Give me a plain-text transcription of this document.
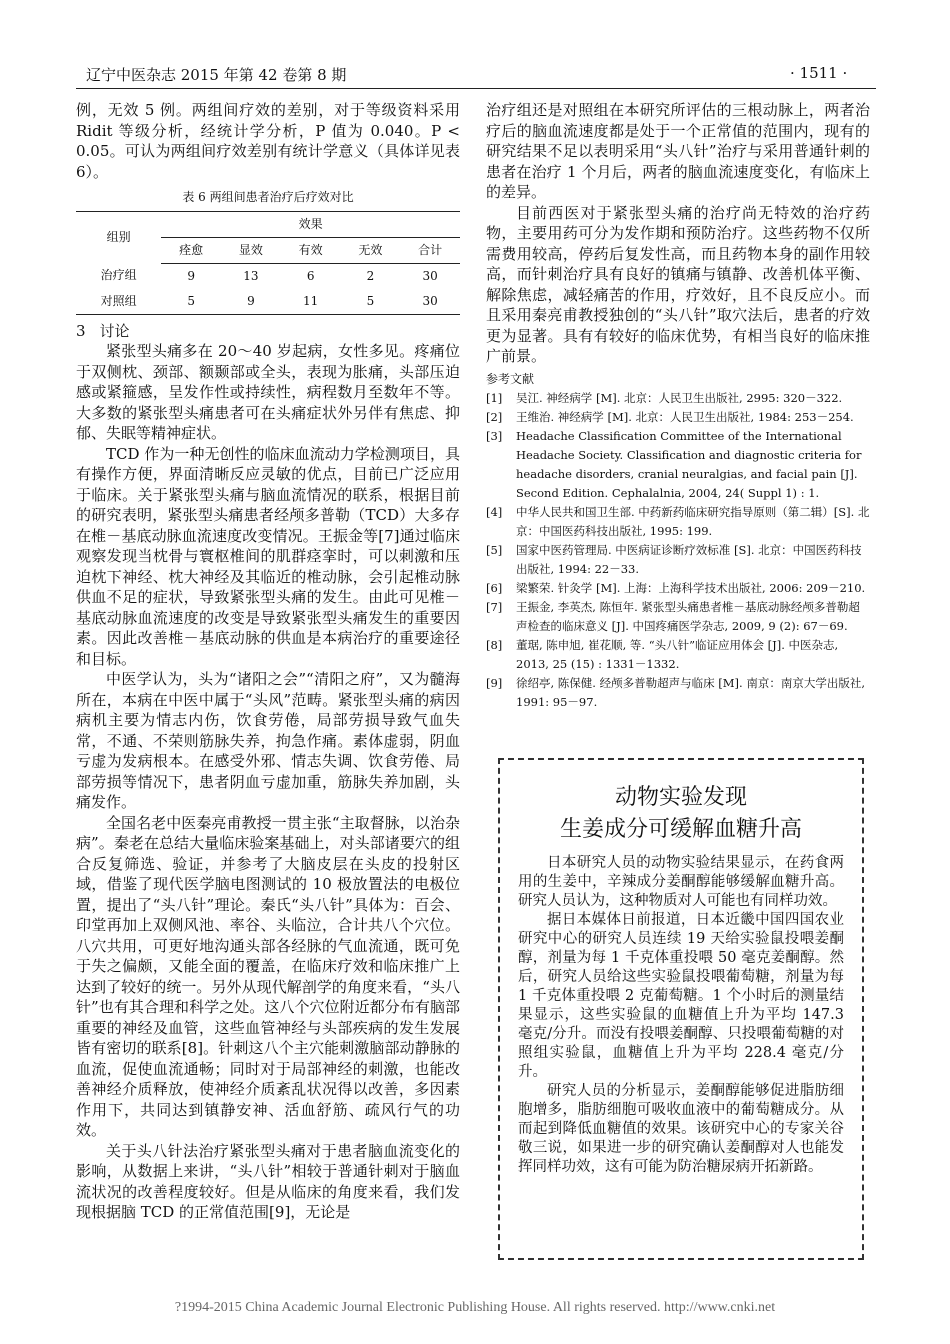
辽宁中医杂志 2015 年第 42 卷第 8 期	· 1511 ·

例，无效 5 例。两组间疗效的差别，对于等级资料采用 Ridit 等级分析，经统计学分析，P 值为 0.040。P < 0.05。可认为两组间疗效差别有统计学意义（具体详见表 6）。

表 6 两组间患者治疗后疗效对比
组别	效果				
	痊愈	显效	有效	无效	合计
治疗组	9	13	6	2	30
对照组	5	9	11	5	30
3 讨论

紧张型头痛多在 20～40 岁起病，女性多见。疼痛位于双侧枕、颈部、额颞部或全头，表现为胀痛，头部压迫感或紧箍感，呈发作性或持续性，病程数月至数年不等。大多数的紧张型头痛患者可在头痛症状外另伴有焦虑、抑郁、失眠等精神症状。

TCD 作为一种无创性的临床血流动力学检测项目，具有操作方便，界面清晰反应灵敏的优点，目前已广泛应用于临床。关于紧张型头痛与脑血流情况的联系，根据目前的研究表明，紧张型头痛患者经颅多普勒（TCD）大多存在椎－基底动脉血流速度改变情况。王振金等[7]通过临床观察发现当枕骨与寰枢椎间的肌群痉挛时，可以刺激和压迫枕下神经、枕大神经及其临近的椎动脉，会引起椎动脉供血不足的症状，导致紧张型头痛的发生。由此可见椎－基底动脉血流速度的改变是导致紧张型头痛发生的重要因素。因此改善椎－基底动脉的供血是本病治疗的重要途径和目标。

中医学认为，头为“诸阳之会”“清阳之府”，又为髓海所在，本病在中医中属于“头风”范畴。紧张型头痛的病因病机主要为情志内伤，饮食劳倦，局部劳损导致气血失常，不通、不荣则筋脉失养，拘急作痛。素体虚弱，阴血亏虚为发病根本。在感受外邪、情志失调、饮食劳倦、局部劳损等情况下，患者阴血亏虚加重，筋脉失养加剧，头痛发作。

全国名老中医秦亮甫教授一贯主张“主取督脉，以治杂病”。秦老在总结大量临床验案基础上，对头部诸要穴的组合反复筛选、验证，并参考了大脑皮层在头皮的投射区域，借鉴了现代医学脑电图测试的 10 极放置法的电极位置，提出了“头八针”理论。秦氏“头八针”具体为：百会、印堂再加上双侧风池、率谷、头临泣，合计共八个穴位。八穴共用，可更好地沟通头部各经脉的气血流通，既可免于失之偏颇，又能全面的覆盖，在临床疗效和临床推广上达到了较好的统一。另外从现代解剖学的角度来看，“头八针”也有其合理和科学之处。这八个穴位附近都分布有脑部重要的神经及血管，这些血管神经与头部疾病的发生发展皆有密切的联系[8]。针刺这八个主穴能刺激脑部动静脉的血流，促使血流通畅；同时对于局部神经的刺激，也能改善神经介质释放，使神经介质紊乱状况得以改善，多因素作用下，共同达到镇静安神、活血舒筋、疏风行气的功效。

关于头八针法治疗紧张型头痛对于患者脑血流变化的影响，从数据上来讲，“头八针”相较于普通针刺对于脑血流状况的改善程度较好。但是从临床的角度来看，我们发现根据脑 TCD 的正常值范围[9]，无论是

治疗组还是对照组在本研究所评估的三根动脉上，两者治疗后的脑血流速度都是处于一个正常值的范围内，现有的研究结果不足以表明采用“头八针”治疗与采用普通针刺的患者在治疗 1 个月后，两者的脑血流速度变化，有临床上的差异。

目前西医对于紧张型头痛的治疗尚无特效的治疗药物，主要用药可分为发作期和预防治疗。这些药物不仅所需费用较高，停药后复发性高，而且药物本身的副作用较高，而针刺治疗具有良好的镇痛与镇静、改善机体平衡、解除焦虑，减轻痛苦的作用，疗效好，且不良反应小。而且采用秦亮甫教授独创的“头八针”取穴法后，患者的疗效更为显著。具有有较好的临床优势，有相当良好的临床推广前景。

参考文献
[1]	吴江. 神经病学 [M]. 北京：人民卫生出版社, 2995: 320－322.
[2]	王维治. 神经病学 [M]. 北京：人民卫生出版社, 1984: 253－254.
[3]	Headache Classification Committee of the International Headache Society. Classification and diagnostic criteria for headache disorders, cranial neuralgias, and facial pain [J]. Second Edition. Cephalalnia, 2004, 24( Suppl 1) : 1.
[4]	中华人民共和国卫生部. 中药新药临床研究指导原则（第二辑）[S]. 北京：中国医药科技出版社, 1995: 199.
[5]	国家中医药管理局. 中医病证诊断疗效标准 [S]. 北京：中国医药科技出版社, 1994: 22－33.
[6]	梁繁荣. 针灸学 [M]. 上海：上海科学技术出版社, 2006: 209－210.
[7]	王振金, 李英杰, 陈恒年. 紧张型头痛患者椎－基底动脉经颅多普勒超声检查的临床意义 [J]. 中国疼痛医学杂志, 2009, 9 (2): 67－69.
[8]	董琚, 陈申旭, 崔花顺, 等. “头八针”临证应用体会 [J]. 中医杂志, 2013, 25 (15) : 1331－1332.
[9]	徐绍亭, 陈保健. 经颅多普勒超声与临床 [M]. 南京：南京大学出版社, 1991: 95－97.
动物实验发现
生姜成分可缓解血糖升高

日本研究人员的动物实验结果显示，在药食两用的生姜中，辛辣成分姜酮醇能够缓解血糖升高。研究人员认为，这种物质对人可能也有同样功效。

据日本媒体日前报道，日本近畿中国四国农业研究中心的研究人员连续 19 天给实验鼠投喂姜酮醇，剂量为每 1 千克体重投喂 50 毫克姜酮醇。然后，研究人员给这些实验鼠投喂葡萄糖，剂量为每 1 千克体重投喂 2 克葡萄糖。1 个小时后的测量结果显示，这些实验鼠的血糖值上升为平均 147.3 毫克/分升。而没有投喂姜酮醇、只投喂葡萄糖的对照组实验鼠，血糖值上升为平均 228.4 毫克/分升。

研究人员的分析显示，姜酮醇能够促进脂肪细胞增多，脂肪细胞可吸收血液中的葡萄糖成分。从而起到降低血糖值的效果。该研究中心的专家关谷敬三说，如果进一步的研究确认姜酮醇对人也能发挥同样功效，这有可能为防治糖尿病开拓新路。

?1994-2015 China Academic Journal Electronic Publishing House. All rights reserved. http://www.cnki.net
